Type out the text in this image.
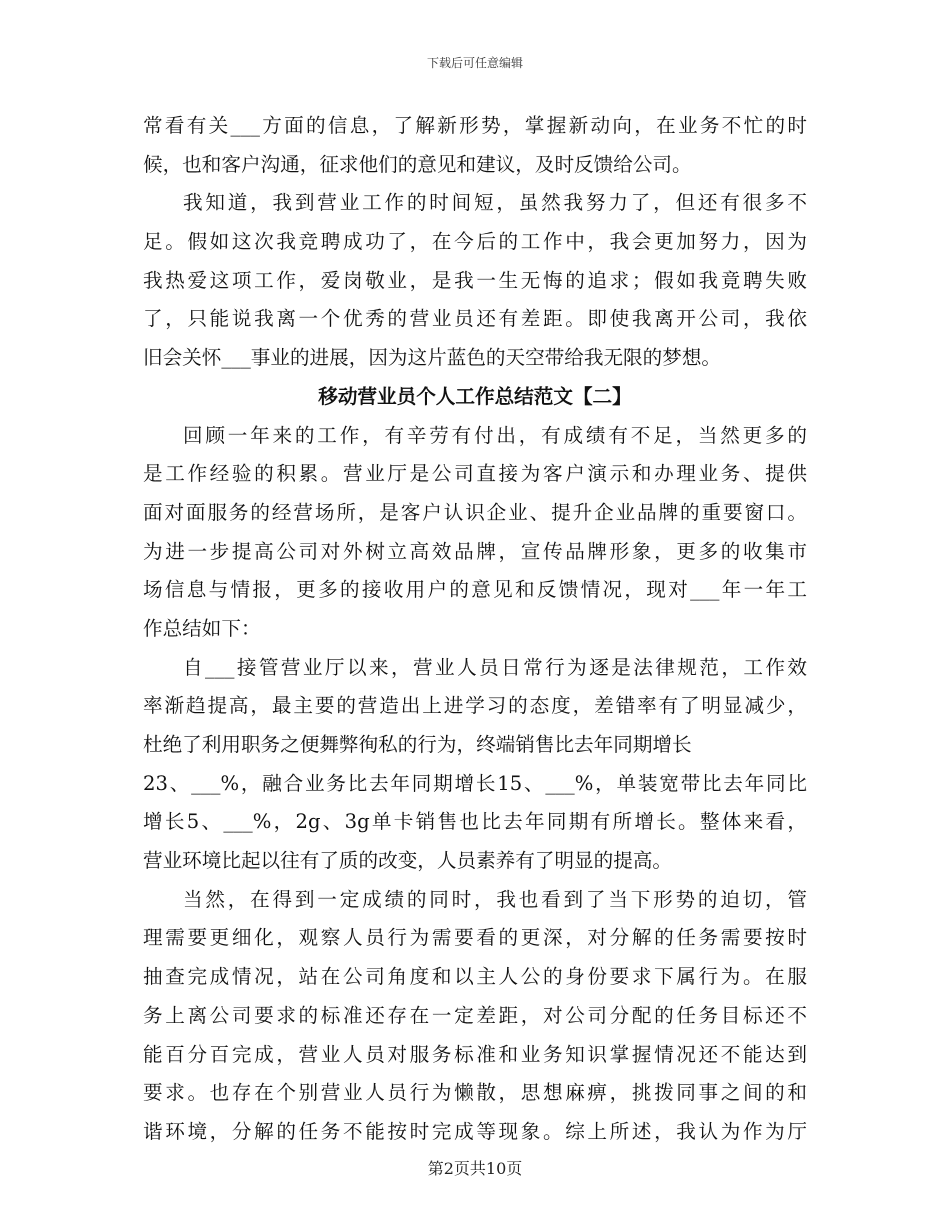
下载后可任意编辑
常看有关___方面的信息，了解新形势，掌握新动向，在业务不忙的时
候，也和客户沟通，征求他们的意见和建议，及时反馈给公司。
我知道，我到营业工作的时间短，虽然我努力了，但还有很多不
足。假如这次我竞聘成功了，在今后的工作中，我会更加努力，因为
我热爱这项工作，爱岗敬业，是我一生无悔的追求；假如我竟聘失败
了，只能说我离一个优秀的营业员还有差距。即使我离开公司，我依
旧会关怀___事业的进展，因为这片蓝色的天空带给我无限的梦想。
移动营业员个人工作总结范文【二】
回顾一年来的工作，有辛劳有付出，有成绩有不足，当然更多的
是工作经验的积累。营业厅是公司直接为客户演示和办理业务、提供
面对面服务的经营场所，是客户认识企业、提升企业品牌的重要窗口。
为进一步提高公司对外树立高效品牌，宣传品牌形象，更多的收集市
场信息与情报，更多的接收用户的意见和反馈情况，现对___年一年工
作总结如下：
自___接管营业厅以来，营业人员日常行为逐是法律规范，工作效
率渐趋提高，最主要的营造出上进学习的态度，差错率有了明显减少，
杜绝了利用职务之便舞弊徇私的行为，终端销售比去年同期增长
23、___%，融合业务比去年同期增长15、___%，单装宽带比去年同比
增长5、___%，2g、3g单卡销售也比去年同期有所增长。整体来看，
营业环境比起以往有了质的改变，人员素养有了明显的提高。
当然，在得到一定成绩的同时，我也看到了当下形势的迫切，管
理需要更细化，观察人员行为需要看的更深，对分解的任务需要按时
抽查完成情况，站在公司角度和以主人公的身份要求下属行为。在服
务上离公司要求的标准还存在一定差距，对公司分配的任务目标还不
能百分百完成，营业人员对服务标准和业务知识掌握情况还不能达到
要求。也存在个别营业人员行为懒散，思想麻痹，挑拨同事之间的和
谐环境，分解的任务不能按时完成等现象。综上所述，我认为作为厅
第2页共10页
